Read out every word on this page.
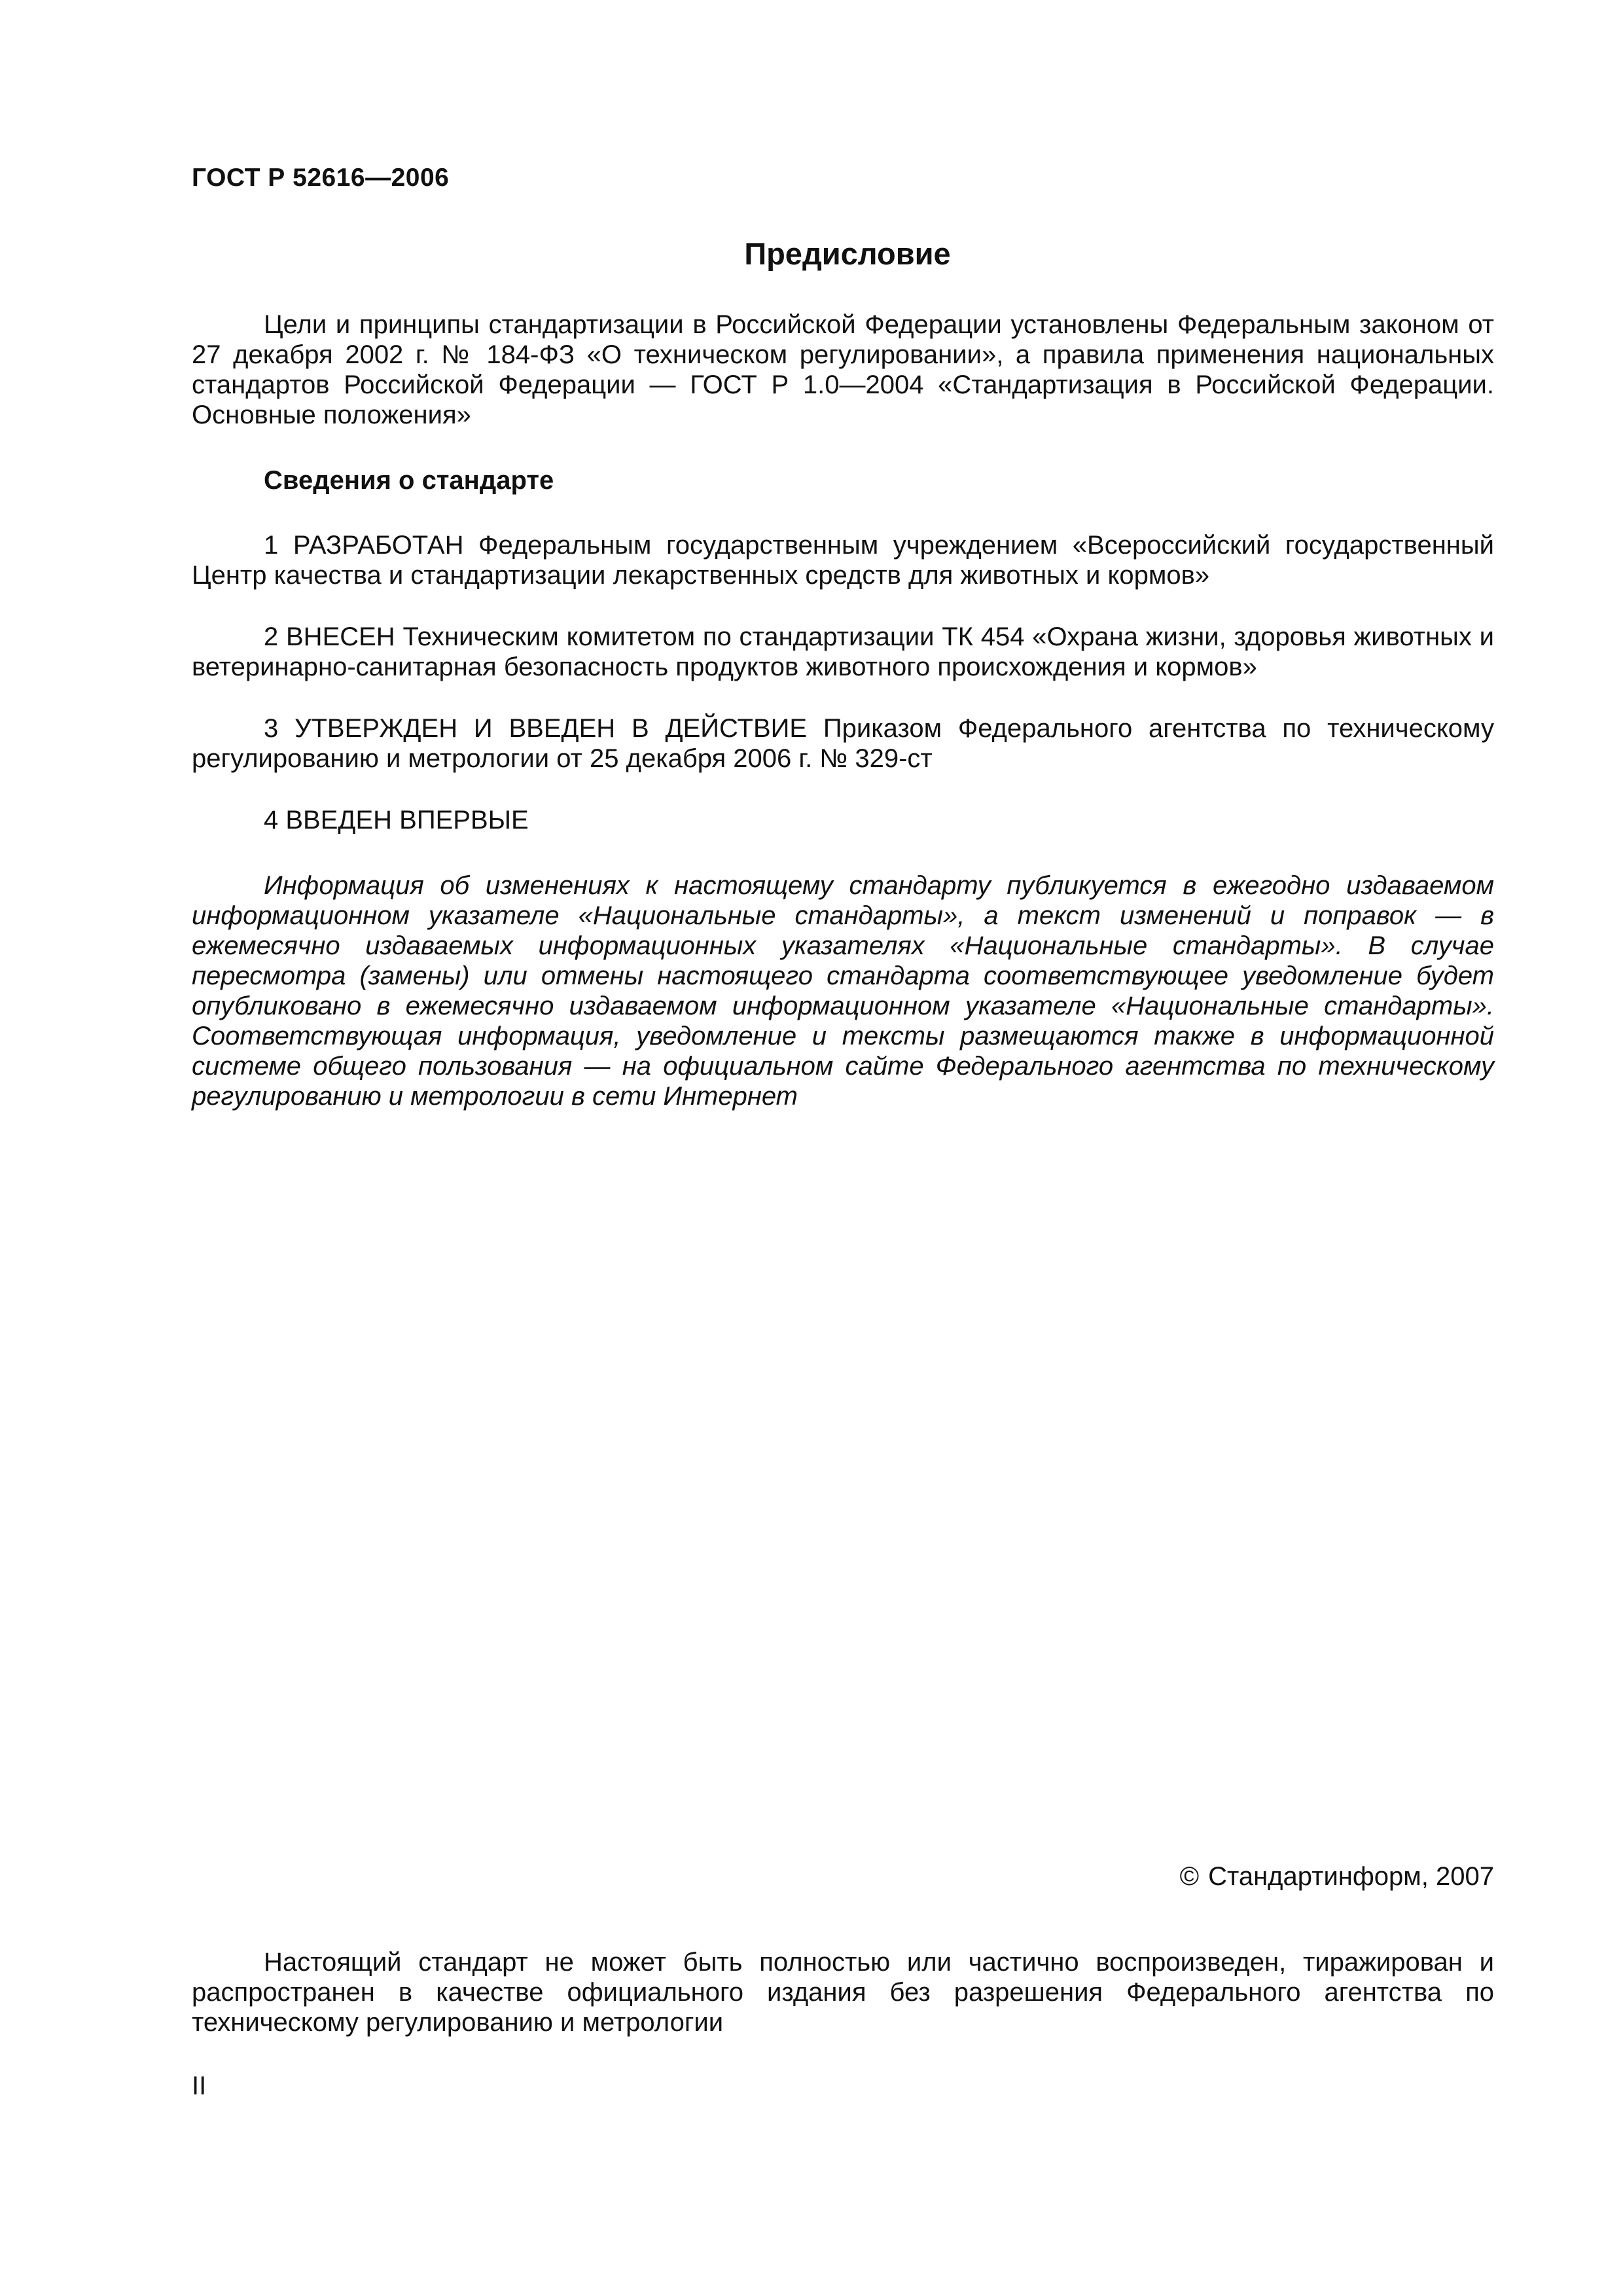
ГОСТ Р 52616—2006
Предисловие

Цели и принципы стандартизации в Российской Федерации установлены Федеральным законом от 27 декабря 2002 г. № 184-ФЗ «О техническом регулировании», а правила применения национальных стандартов Российской Федерации — ГОСТ Р 1.0—2004 «Стандартизация в Российской Федерации. Основные положения»

Сведения о стандарте

1 РАЗРАБОТАН Федеральным государственным учреждением «Всероссийский государственный Центр качества и стандартизации лекарственных средств для животных и кормов»

2 ВНЕСЕН Техническим комитетом по стандартизации ТК 454 «Охрана жизни, здоровья животных и ветеринарно-санитарная безопасность продуктов животного происхождения и кормов»

3 УТВЕРЖДЕН И ВВЕДЕН В ДЕЙСТВИЕ Приказом Федерального агентства по техническому регулированию и метрологии от 25 декабря 2006 г. № 329-ст

4 ВВЕДЕН ВПЕРВЫЕ

Информация об изменениях к настоящему стандарту публикуется в ежегодно издаваемом информационном указателе «Национальные стандарты», а текст изменений и поправок — в ежемесячно издаваемых информационных указателях «Национальные стандарты». В случае пересмотра (замены) или отмены настоящего стандарта соответствующее уведомление будет опубликовано в ежемесячно издаваемом информационном указателе «Национальные стандарты». Соответствующая информация, уведомление и тексты размещаются также в информационной системе общего пользования — на официальном сайте Федерального агентства по техническому регулированию и метрологии в сети Интернет

© Стандартинформ, 2007

Настоящий стандарт не может быть полностью или частично воспроизведен, тиражирован и распространен в качестве официального издания без разрешения Федерального агентства по техническому регулированию и метрологии

II
